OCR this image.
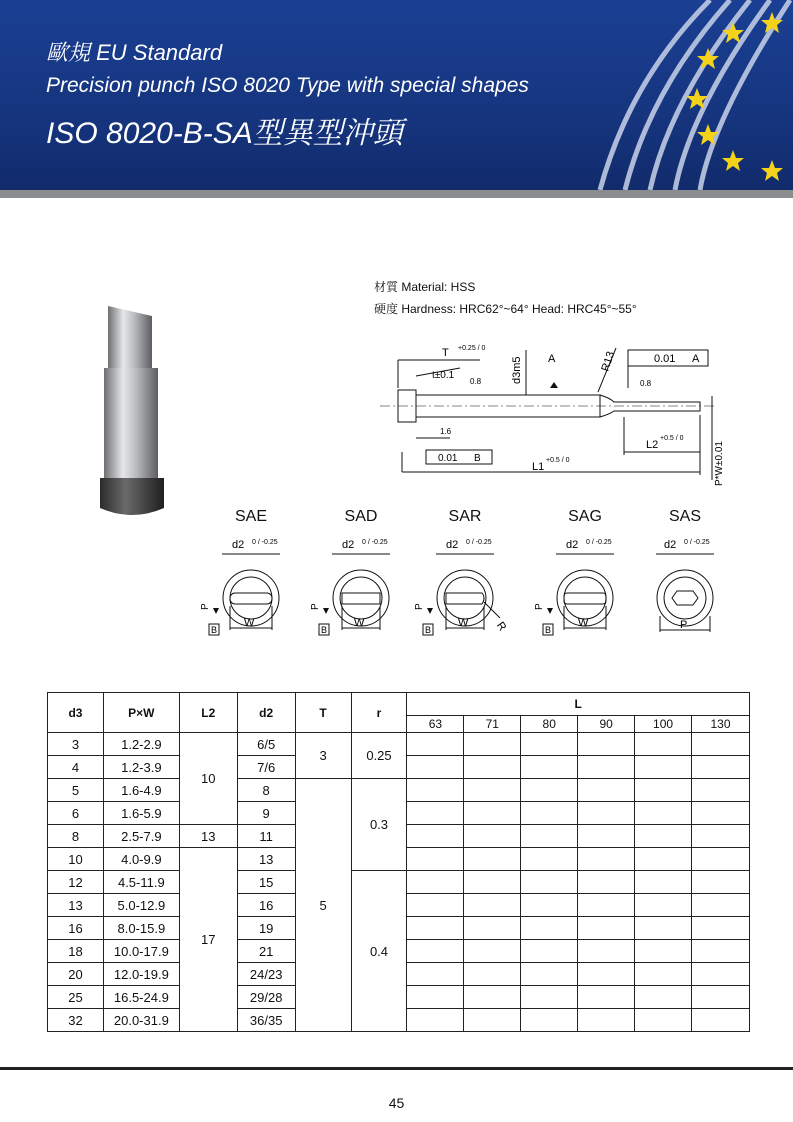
歐規 EU Standard
Precision punch ISO 8020 Type with special shapes
ISO 8020-B-SA型異型沖頭
材質 Material: HSS
硬度 Hardness: HRC62°~64° Head: HRC45°~55°
T +0.25 / 0
t±0.1	d3m5 A	R13	0.01 A
0.8	0.8
1.6
0.01 B
L2
+0.5 / 0
L1
+0.5 / 0	P*W±0.01
SAE
d2 0 / -0.25
P
W
B
SAD
d2 0 / -0.25
P
W
B
SAR
d2 0 / -0.25
P
W R
B
SAG
d2 0 / -0.25
P
W
B
SAS
d2 0 / -0.25
P
d3	P×W	L2	d2	T	r	L					
						63	71	80	90	100	130
3	1.2-2.9	10	6/5	3	0.25						
4	1.2-3.9		7/6								
5	1.6-4.9		8	5	0.3						
6	1.6-5.9		9								
8	2.5-7.9	13	11								
10	4.0-9.9	17	13								
12	4.5-11.9		15		0.4						
13	5.0-12.9		16								
16	8.0-15.9		19								
18	10.0-17.9		21								
20	12.0-19.9		24/23								
25	16.5-24.9		29/28								
32	20.0-31.9		36/35								
45
